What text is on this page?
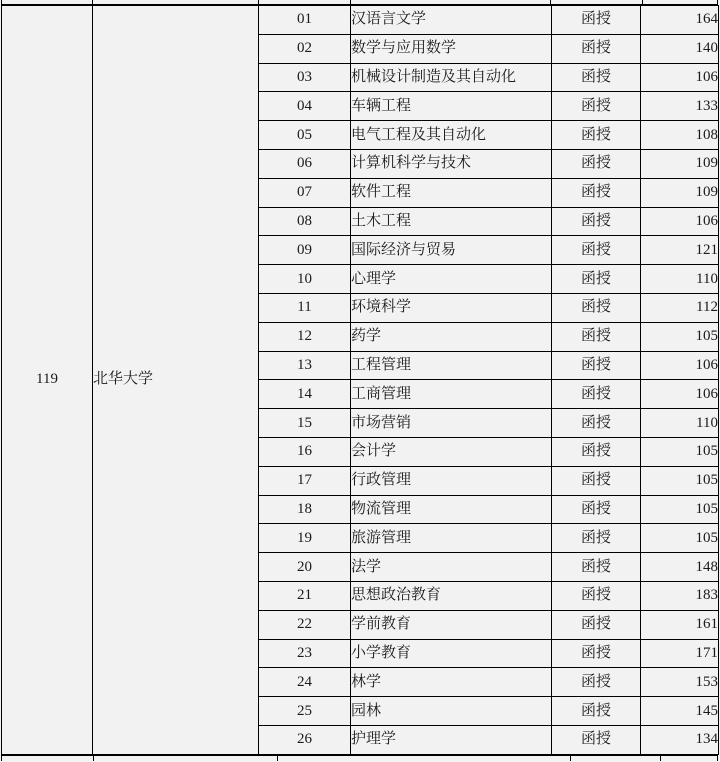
119	北华大学	01	汉语言文学	函授	164
		02	数学与应用数学	函授	140
		03	机械设计制造及其自动化	函授	106
		04	车辆工程	函授	133
		05	电气工程及其自动化	函授	108
		06	计算机科学与技术	函授	109
		07	软件工程	函授	109
		08	土木工程	函授	106
		09	国际经济与贸易	函授	121
		10	心理学	函授	110
		11	环境科学	函授	112
		12	药学	函授	105
		13	工程管理	函授	106
		14	工商管理	函授	106
		15	市场营销	函授	110
		16	会计学	函授	105
		17	行政管理	函授	105
		18	物流管理	函授	105
		19	旅游管理	函授	105
		20	法学	函授	148
		21	思想政治教育	函授	183
		22	学前教育	函授	161
		23	小学教育	函授	171
		24	林学	函授	153
		25	园林	函授	145
		26	护理学	函授	134
